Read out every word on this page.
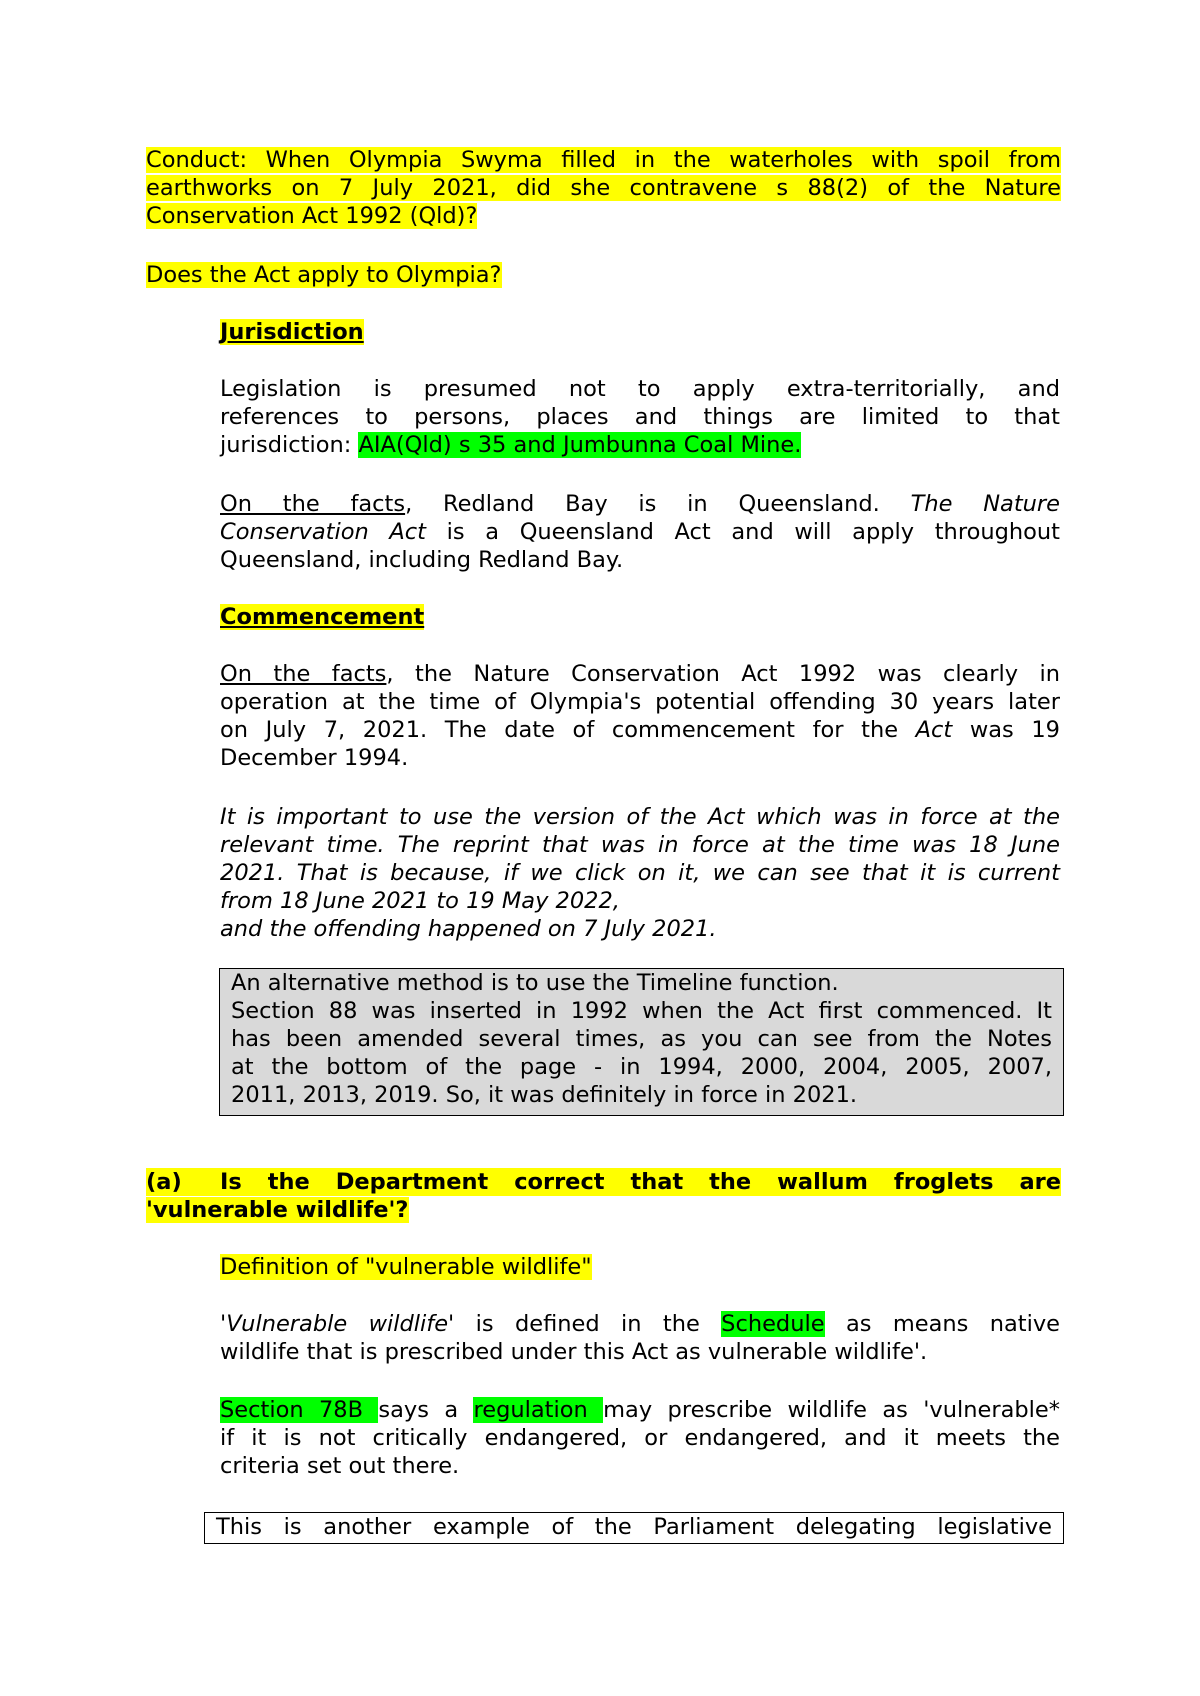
Conduct: When Olympia Swyma filled in the waterholes with spoil from
earthworks on 7 July 2021, did she contravene s 88(2) of the Nature
Conservation Act 1992 (Qld)?
Does the Act apply to Olympia?
Jurisdiction
Legislation is presumed not to apply extra-territorially, and
references to persons, places and things are limited to that
jurisdiction: AIA(Qld) s 35 and Jumbunna Coal Mine.
On the facts, Redland Bay is in Queensland. The Nature
Conservation Act is a Queensland Act and will apply throughout
Queensland, including Redland Bay.
Commencement
On the facts, the Nature Conservation Act 1992 was clearly in
operation at the time of Olympia's potential offending 30 years later
on July 7, 2021. The date of commencement for the Act was 19
December 1994.
It is important to use the version of the Act which was in force at the
relevant time. The reprint that was in force at the time was 18 June
2021. That is because, if we click on it, we can see that it is current
from 18 June 2021 to 19 May 2022,
and the offending happened on 7 July 2021.
An alternative method is to use the Timeline function.
Section 88 was inserted in 1992 when the Act first commenced. It
has been amended several times, as you can see from the Notes
at the bottom of the page - in 1994, 2000, 2004, 2005, 2007,
2011, 2013, 2019. So, it was definitely in force in 2021.
(a) Is the Department correct that the wallum froglets are
'vulnerable wildlife'?
Definition of "vulnerable wildlife"
'Vulnerable wildlife' is defined in the Schedule as means native
wildlife that is prescribed under this Act as vulnerable wildlife'.
Section 78B says a regulation may prescribe wildlife as 'vulnerable*
if it is not critically endangered, or endangered, and it meets the
criteria set out there.
This is another example of the Parliament delegating legislative
